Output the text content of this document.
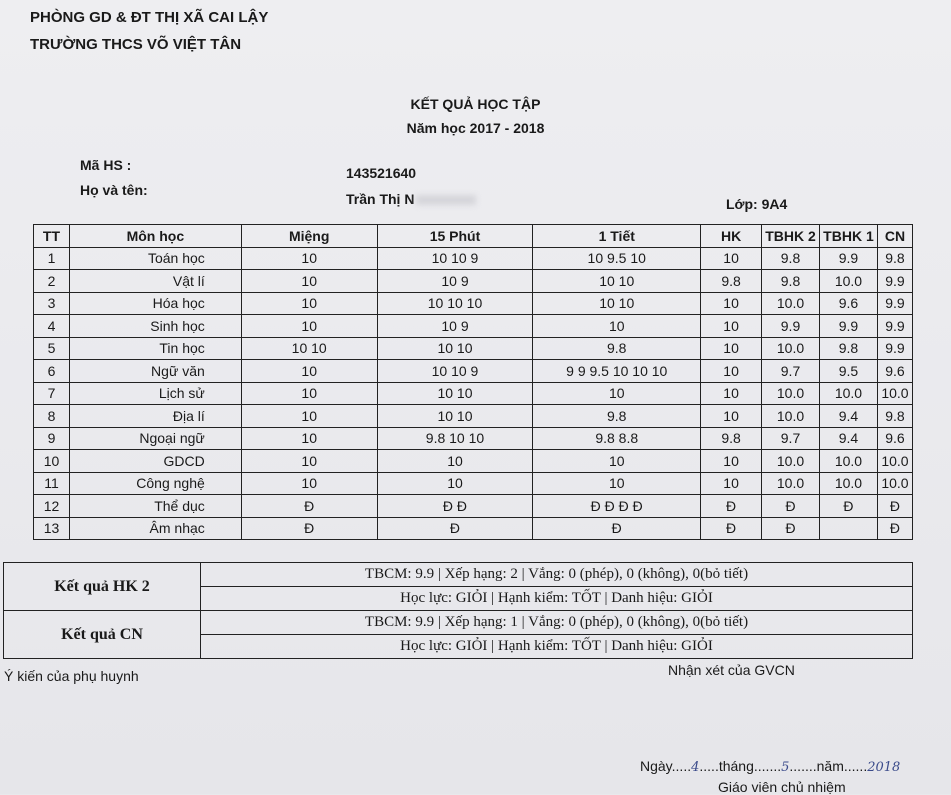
PHÒNG GD & ĐT THỊ XÃ CAI LẬY
TRƯỜNG THCS VÕ VIỆT TÂN
KẾT QUẢ HỌC TẬP
Năm học 2017 - 2018
Mã HS :	143521640
Họ và tên:
Trần Thị N	Lớp: 9A4
TT	Môn học	Miệng	15 Phút	1 Tiết	HK	TBHK 2	TBHK 1	CN
1	Toán học	10	10 10 9	10 9.5 10	10	9.8	9.9	9.8
2	Vật lí	10	10 9	10 10	9.8	9.8	10.0	9.9
3	Hóa học	10	10 10 10	10 10	10	10.0	9.6	9.9
4	Sinh học	10	10 9	10	10	9.9	9.9	9.9
5	Tin học	10 10	10 10	9.8	10	10.0	9.8	9.9
6	Ngữ văn	10	10 10 9	9 9 9.5 10 10 10	10	9.7	9.5	9.6
7	Lịch sử	10	10 10	10	10	10.0	10.0	10.0
8	Địa lí	10	10 10	9.8	10	10.0	9.4	9.8
9	Ngoại ngữ	10	9.8 10 10	9.8 8.8	9.8	9.7	9.4	9.6
10	GDCD	10	10	10	10	10.0	10.0	10.0
11	Công nghệ	10	10	10	10	10.0	10.0	10.0
12	Thể dục	Đ	Đ Đ	Đ Đ Đ Đ	Đ	Đ	Đ	Đ
13	Âm nhạc	Đ	Đ	Đ	Đ	Đ		Đ
Kết quả HK 2	TBCM: 9.9 | Xếp hạng: 2 | Vắng: 0 (phép), 0 (không), 0(bỏ tiết)
	Học lực: GIỎI | Hạnh kiểm: TỐT | Danh hiệu: GIỎI
Kết quả CN	TBCM: 9.9 | Xếp hạng: 1 | Vắng: 0 (phép), 0 (không), 0(bỏ tiết)
	Học lực: GIỎI | Hạnh kiểm: TỐT | Danh hiệu: GIỎI
Ý kiến của phụ huynh	Nhận xét của GVCN
Ngày.....4.....tháng.......5.......năm......2018
Giáo viên chủ nhiệm
